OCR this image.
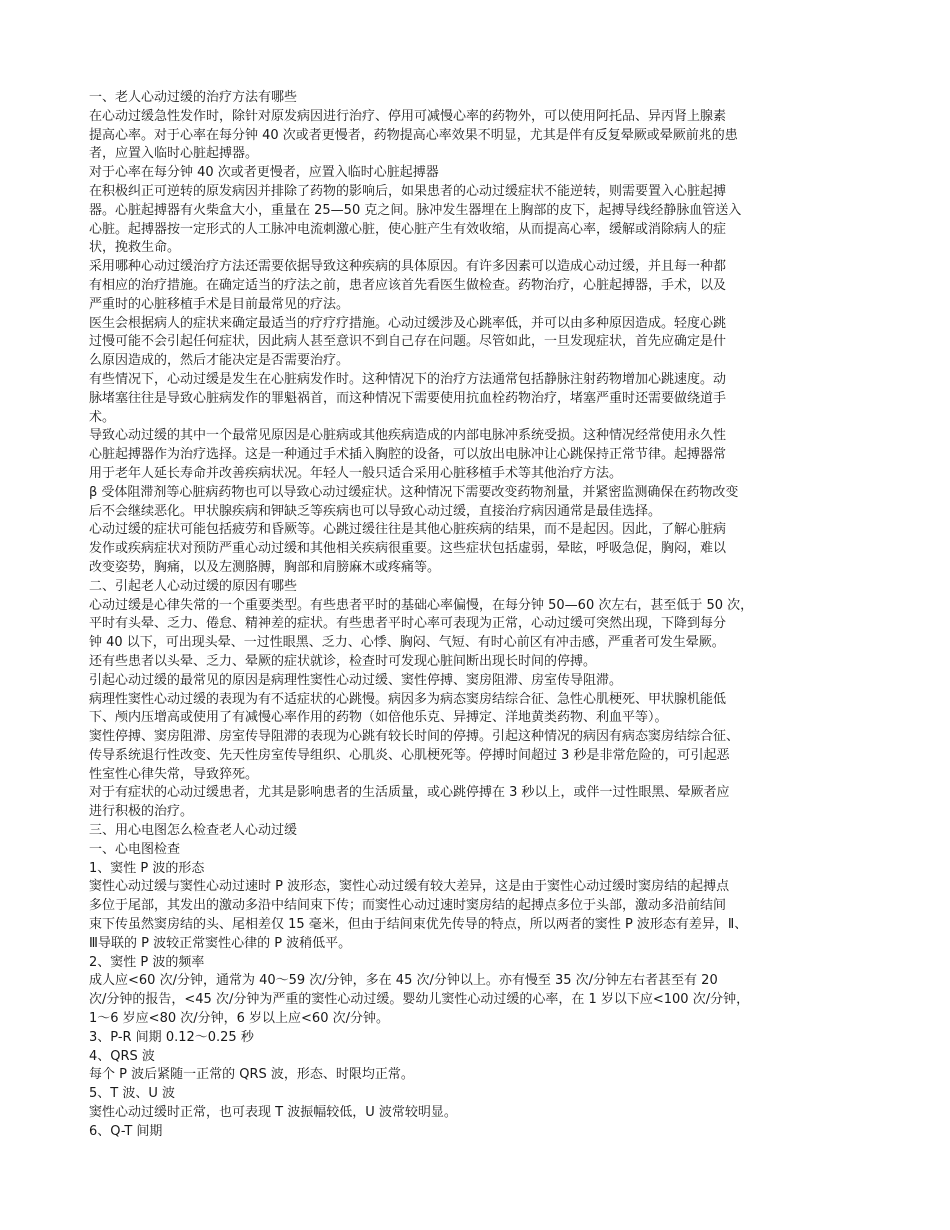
一、老人心动过缓的治疗方法有哪些
在心动过缓急性发作时，除针对原发病因进行治疗、停用可减慢心率的药物外，可以使用阿托品、异丙肾上腺素
提高心率。对于心率在每分钟 40 次或者更慢者，药物提高心率效果不明显，尤其是伴有反复晕厥或晕厥前兆的患
者，应置入临时心脏起搏器。
对于心率在每分钟 40 次或者更慢者，应置入临时心脏起搏器
在积极纠正可逆转的原发病因并排除了药物的影响后，如果患者的心动过缓症状不能逆转，则需要置入心脏起搏
器。心脏起搏器有火柴盒大小，重量在 25—50 克之间。脉冲发生器埋在上胸部的皮下，起搏导线经静脉血管送入
心脏。起搏器按一定形式的人工脉冲电流刺激心脏，使心脏产生有效收缩，从而提高心率，缓解或消除病人的症
状，挽救生命。
采用哪种心动过缓治疗方法还需要依据导致这种疾病的具体原因。有许多因素可以造成心动过缓，并且每一种都
有相应的治疗措施。在确定适当的疗法之前，患者应该首先看医生做检查。药物治疗，心脏起搏器，手术，以及
严重时的心脏移植手术是目前最常见的疗法。
医生会根据病人的症状来确定最适当的疗疗疗措施。心动过缓涉及心跳率低，并可以由多种原因造成。轻度心跳
过慢可能不会引起任何症状，因此病人甚至意识不到自己存在问题。尽管如此，一旦发现症状，首先应确定是什
么原因造成的，然后才能决定是否需要治疗。
有些情况下，心动过缓是发生在心脏病发作时。这种情况下的治疗方法通常包括静脉注射药物增加心跳速度。动
脉堵塞往往是导致心脏病发作的罪魁祸首，而这种情况下需要使用抗血栓药物治疗，堵塞严重时还需要做绕道手
术。
导致心动过缓的其中一个最常见原因是心脏病或其他疾病造成的内部电脉冲系统受损。这种情况经常使用永久性
心脏起搏器作为治疗选择。这是一种通过手术插入胸腔的设备，可以放出电脉冲让心跳保持正常节律。起搏器常
用于老年人延长寿命并改善疾病状况。年轻人一般只适合采用心脏移植手术等其他治疗方法。
β 受体阻滞剂等心脏病药物也可以导致心动过缓症状。这种情况下需要改变药物剂量，并紧密监测确保在药物改变
后不会继续恶化。甲状腺疾病和钾缺乏等疾病也可以导致心动过缓，直接治疗病因通常是最佳选择。
心动过缓的症状可能包括疲劳和昏厥等。心跳过缓往往是其他心脏疾病的结果，而不是起因。因此，了解心脏病
发作或疾病症状对预防严重心动过缓和其他相关疾病很重要。这些症状包括虚弱，晕眩，呼吸急促，胸闷，难以
改变姿势，胸痛，以及左测胳膊，胸部和肩膀麻木或疼痛等。
二、引起老人心动过缓的原因有哪些
心动过缓是心律失常的一个重要类型。有些患者平时的基础心率偏慢，在每分钟 50—60 次左右，甚至低于 50 次，
平时有头晕、乏力、倦怠、精神差的症状。有些患者平时心率可表现为正常，心动过缓可突然出现，下降到每分
钟 40 以下，可出现头晕、一过性眼黑、乏力、心悸、胸闷、气短、有时心前区有冲击感，严重者可发生晕厥。
还有些患者以头晕、乏力、晕厥的症状就诊，检查时可发现心脏间断出现长时间的停搏。
引起心动过缓的最常见的原因是病理性窦性心动过缓、窦性停搏、窦房阻滞、房室传导阻滞。
病理性窦性心动过缓的表现为有不适症状的心跳慢。病因多为病态窦房结综合征、急性心肌梗死、甲状腺机能低
下、颅内压增高或使用了有减慢心率作用的药物（如倍他乐克、异搏定、洋地黄类药物、利血平等）。
窦性停搏、窦房阻滞、房室传导阻滞的表现为心跳有较长时间的停搏。引起这种情况的病因有病态窦房结综合征、
传导系统退行性改变、先天性房室传导组织、心肌炎、心肌梗死等。停搏时间超过 3 秒是非常危险的，可引起恶
性室性心律失常，导致猝死。
对于有症状的心动过缓患者，尤其是影响患者的生活质量，或心跳停搏在 3 秒以上，或伴一过性眼黑、晕厥者应
进行积极的治疗。
三、用心电图怎么检查老人心动过缓
一、心电图检查
1、窦性 P 波的形态
窦性心动过缓与窦性心动过速时 P 波形态，窦性心动过缓有较大差异，这是由于窦性心动过缓时窦房结的起搏点
多位于尾部，其发出的激动多沿中结间束下传；而窦性心动过速时窦房结的起搏点多位于头部，激动多沿前结间
束下传虽然窦房结的头、尾相差仅 15 毫米，但由于结间束优先传导的特点，所以两者的窦性 P 波形态有差异，Ⅱ、
Ⅲ导联的 P 波较正常窦性心律的 P 波稍低平。
2、窦性 P 波的频率
成人应<60 次/分钟，通常为 40～59 次/分钟，多在 45 次/分钟以上。亦有慢至 35 次/分钟左右者甚至有 20
次/分钟的报告，<45 次/分钟为严重的窦性心动过缓。婴幼儿窦性心动过缓的心率，在 1 岁以下应<100 次/分钟，
1～6 岁应<80 次/分钟，6 岁以上应<60 次/分钟。
3、P-R 间期 0.12～0.25 秒
4、QRS 波
每个 P 波后紧随一正常的 QRS 波，形态、时限均正常。
5、T 波、U 波
窦性心动过缓时正常，也可表现 T 波振幅较低，U 波常较明显。
6、Q-T 间期
